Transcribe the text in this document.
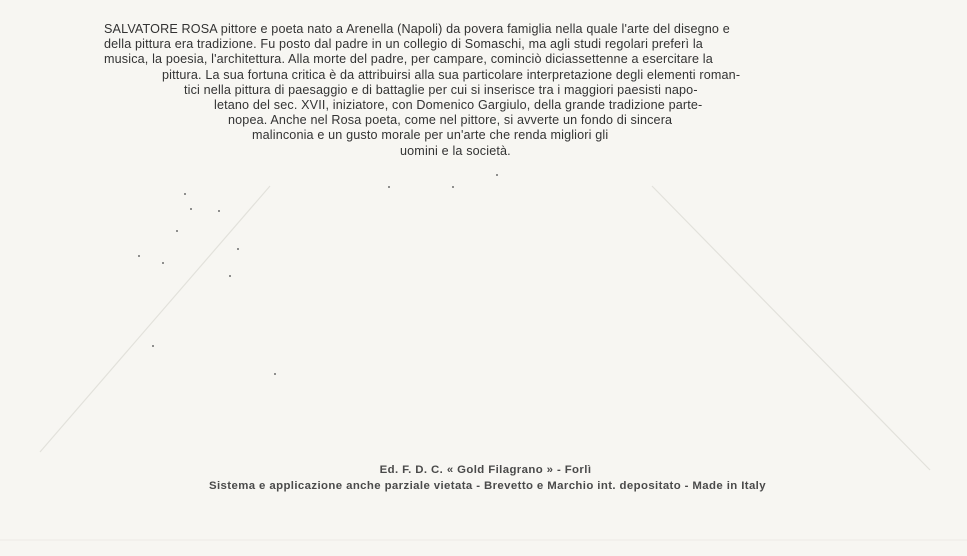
SALVATORE ROSA pittore e poeta nato a Arenella (Napoli) da povera famiglia nella quale l'arte del disegno e
della pittura era tradizione. Fu posto dal padre in un collegio di Somaschi, ma agli studi regolari preferì la
musica, la poesia, l'architettura. Alla morte del padre, per campare, cominciò diciassettenne a esercitare la
pittura. La sua fortuna critica è da attribuirsi alla sua particolare interpretazione degli elementi roman-
tici nella pittura di paesaggio e di battaglie per cui si inserisce tra i maggiori paesisti napo-
letano del sec. XVII, iniziatore, con Domenico Gargiulo, della grande tradizione parte-
nopea. Anche nel Rosa poeta, come nel pittore, si avverte un fondo di sincera
malinconia e un gusto morale per un'arte che renda migliori gli
uomini e la società.
Ed. F. D. C. « Gold Filagrano » - Forlì
Sistema e applicazione anche parziale vietata - Brevetto e Marchio int. depositato - Made in Italy
